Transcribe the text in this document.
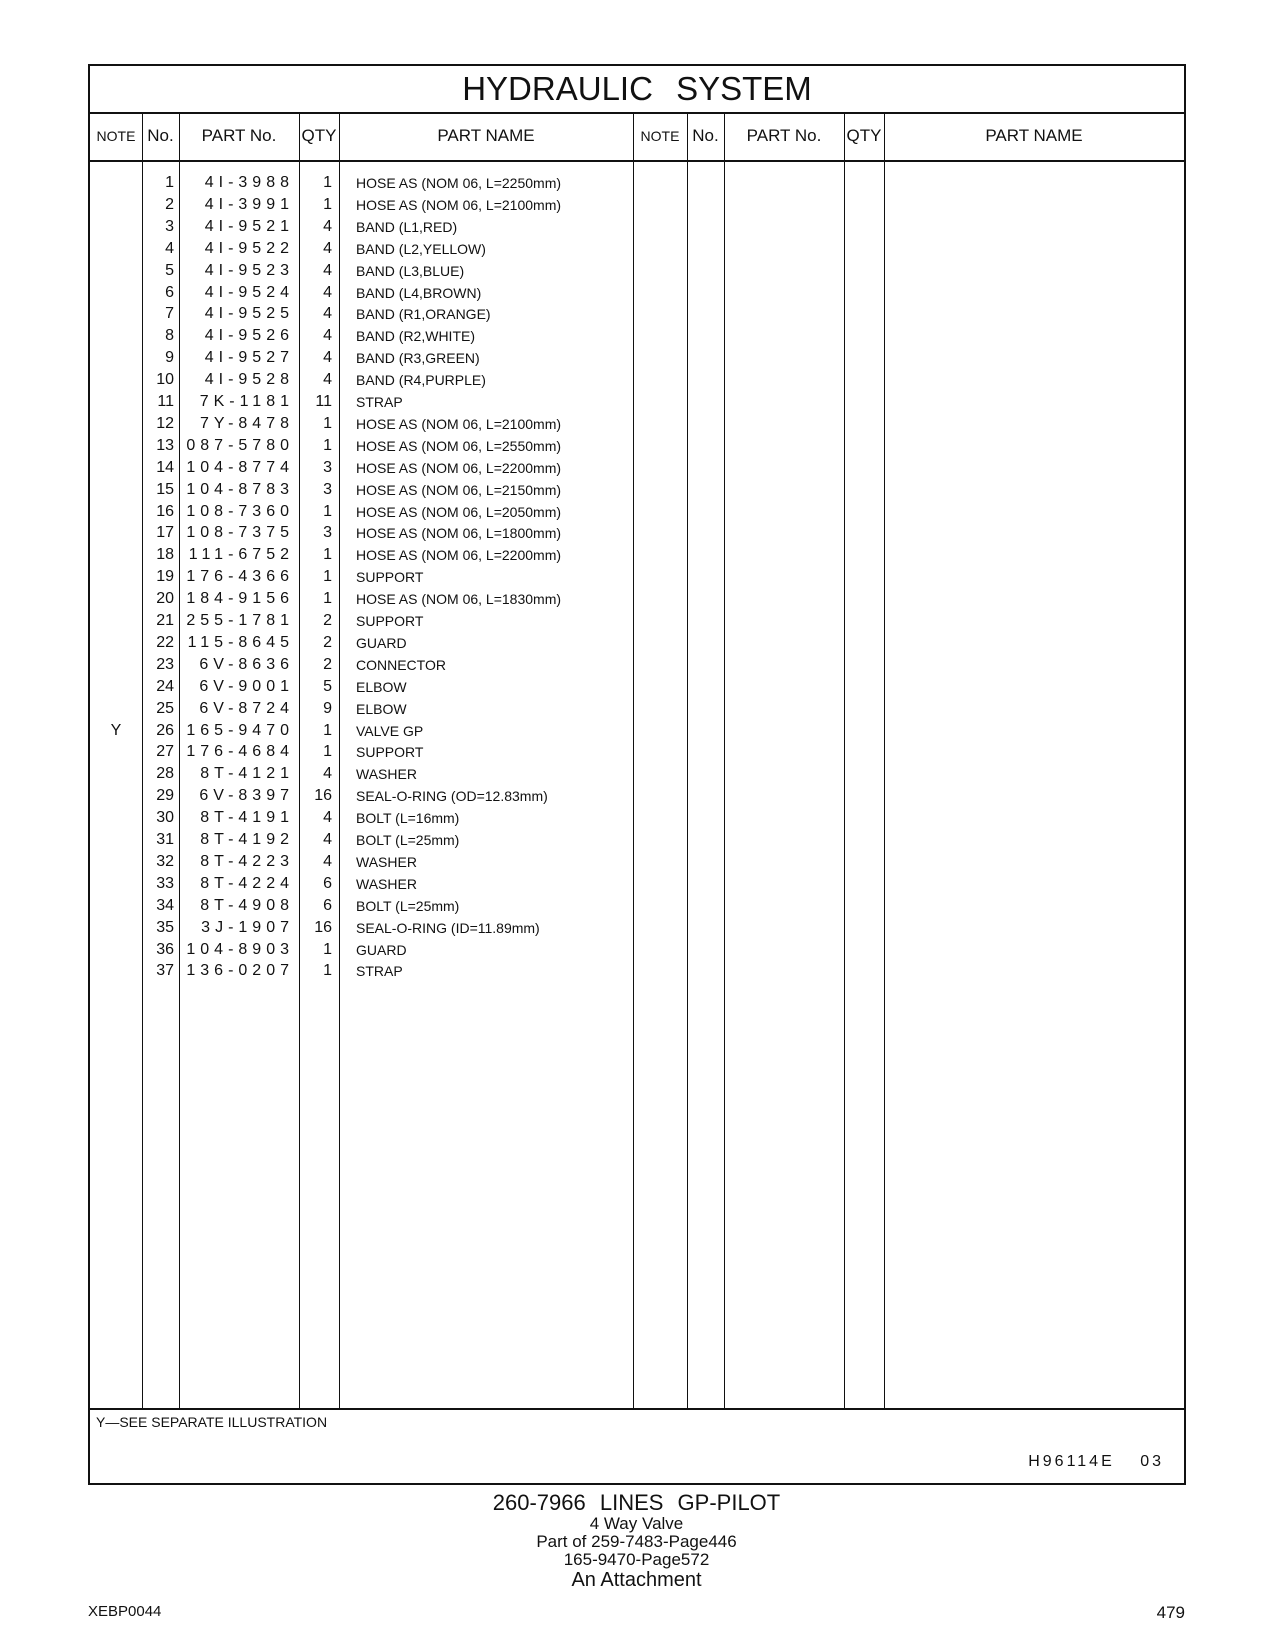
HYDRAULIC SYSTEM
NOTE No.	PART No.	QTY	PART NAME	NOTE No.	PART No.	QTY	PART NAME
1	4I-3988	1 HOSE AS (NOM 06, L=2250mm)
2	4I-3991	1 HOSE AS (NOM 06, L=2100mm)
3	4I-9521	4 BAND (L1,RED)
4	4I-9522	4 BAND (L2,YELLOW)
5	4I-9523	4 BAND (L3,BLUE)
6	4I-9524	4 BAND (L4,BROWN)
7	4I-9525	4 BAND (R1,ORANGE)
8	4I-9526	4 BAND (R2,WHITE)
9	4I-9527	4 BAND (R3,GREEN)
10	4I-9528	4 BAND (R4,PURPLE)
11	7K-1181	11 STRAP
12	7Y-8478	1 HOSE AS (NOM 06, L=2100mm)
13 087-5780	1 HOSE AS (NOM 06, L=2550mm)
14 104-8774	3 HOSE AS (NOM 06, L=2200mm)
15 104-8783	3 HOSE AS (NOM 06, L=2150mm)
16 108-7360	1 HOSE AS (NOM 06, L=2050mm)
17 108-7375	3 HOSE AS (NOM 06, L=1800mm)
18 111-6752	1 HOSE AS (NOM 06, L=2200mm)
19 176-4366	1 SUPPORT
20 184-9156	1 HOSE AS (NOM 06, L=1830mm)
21 255-1781	2 SUPPORT
22 115-8645	2 GUARD
23	6V-8636	2 CONNECTOR
24	6V-9001	5 ELBOW
25	6V-8724	9 ELBOW
Y	26 165-9470	1 VALVE GP
27 176-4684	1 SUPPORT
28	8T-4121	4 WASHER
29	6V-8397	16 SEAL-O-RING (OD=12.83mm)
30	8T-4191	4 BOLT (L=16mm)
31	8T-4192	4 BOLT (L=25mm)
32	8T-4223	4 WASHER
33	8T-4224	6 WASHER
34	8T-4908	6 BOLT (L=25mm)
35	3J-1907	16 SEAL-O-RING (ID=11.89mm)
36 104-8903	1 GUARD
37 136-0207	1 STRAP
Y—SEE SEPARATE ILLUSTRATION
H96114E 03
260-7966 LINES GP-PILOT
4 Way Valve
Part of 259-7483-Page446
165-9470-Page572
An Attachment
XEBP0044	479
